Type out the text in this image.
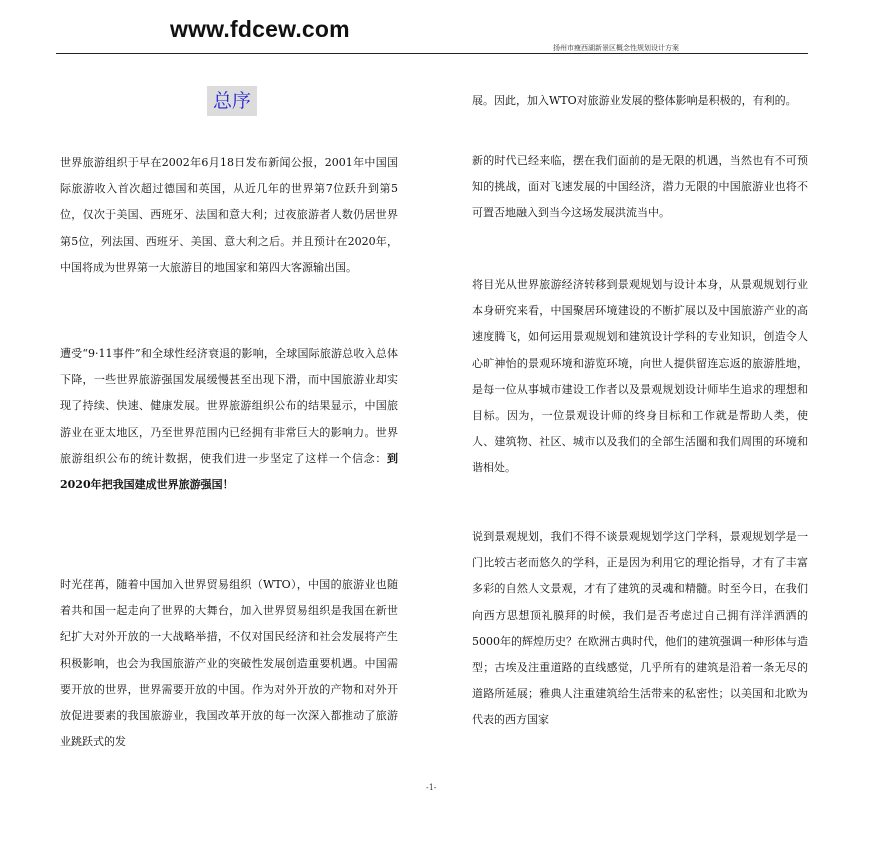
www.fdcew.com
扬州市瘦西湖新景区概念性规划设计方案
总序

世界旅游组织于早在2002年6月18日发布新闻公报，2001年中国国际旅游收入首次超过德国和英国，从近几年的世界第7位跃升到第5位，仅次于美国、西班牙、法国和意大利；过夜旅游者人数仍居世界第5位，列法国、西班牙、美国、意大利之后。并且预计在2020年，中国将成为世界第一大旅游目的地国家和第四大客源输出国。

遭受“9·11事件”和全球性经济衰退的影响，全球国际旅游总收入总体下降，一些世界旅游强国发展缓慢甚至出现下滑，而中国旅游业却实现了持续、快速、健康发展。世界旅游组织公布的结果显示，中国旅游业在亚太地区，乃至世界范围内已经拥有非常巨大的影响力。世界旅游组织公布的统计数据，使我们进一步坚定了这样一个信念：到2020年把我国建成世界旅游强国！

时光荏苒，随着中国加入世界贸易组织（WTO），中国的旅游业也随着共和国一起走向了世界的大舞台，加入世界贸易组织是我国在新世纪扩大对外开放的一大战略举措，不仅对国民经济和社会发展将产生积极影响，也会为我国旅游产业的突破性发展创造重要机遇。中国需要开放的世界，世界需要开放的中国。作为对外开放的产物和对外开放促进要素的我国旅游业，我国改革开放的每一次深入都推动了旅游业跳跃式的发

展。因此，加入WTO对旅游业发展的整体影响是积极的，有利的。

新的时代已经来临，摆在我们面前的是无限的机遇，当然也有不可预知的挑战，面对飞速发展的中国经济，潜力无限的中国旅游业也将不可置否地融入到当今这场发展洪流当中。

将目光从世界旅游经济转移到景观规划与设计本身，从景观规划行业本身研究来看，中国聚居环境建设的不断扩展以及中国旅游产业的高速度腾飞，如何运用景观规划和建筑设计学科的专业知识，创造令人心旷神怡的景观环境和游览环境，向世人提供留连忘返的旅游胜地，是每一位从事城市建设工作者以及景观规划设计师毕生追求的理想和目标。因为，一位景观设计师的终身目标和工作就是帮助人类，使人、建筑物、社区、城市以及我们的全部生活圈和我们周围的环境和谐相处。

说到景观规划，我们不得不谈景观规划学这门学科，景观规划学是一门比较古老而悠久的学科，正是因为利用它的理论指导，才有了丰富多彩的自然人文景观，才有了建筑的灵魂和精髓。时至今日，在我们向西方思想顶礼膜拜的时候，我们是否考虑过自己拥有洋洋洒洒的5000年的辉煌历史？在欧洲古典时代，他们的建筑强调一种形体与造型；古埃及注重道路的直线感觉，几乎所有的建筑是沿着一条无尽的道路所延展；雅典人注重建筑给生活带来的私密性；以美国和北欧为代表的西方国家

-1-
